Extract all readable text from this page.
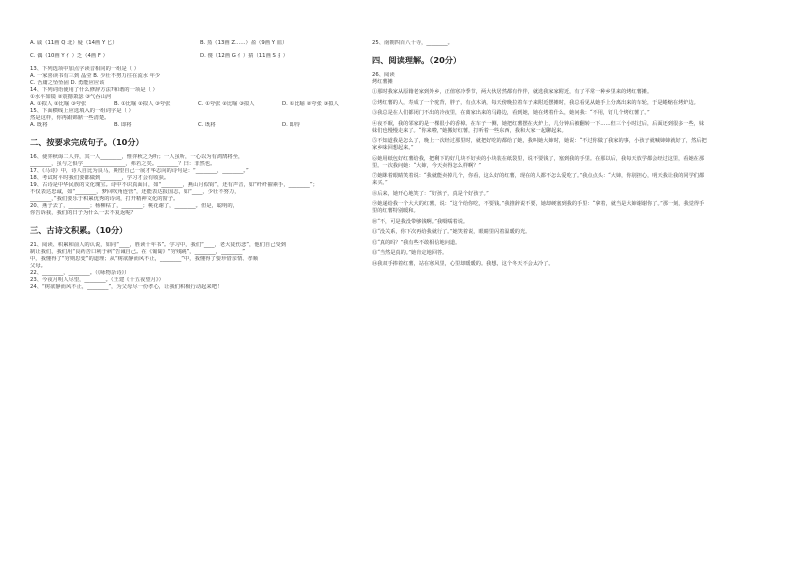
A. 戚（11画 Q 北）疑（14画 Y 匕）	B. 蒸（13画 Z……）盈（9画 Y 皿）
C. 偶（10画 Y 亻）乏（4画 F ）	D. 傻（12画 G 亻）猜（11画 S 犭）
13、下列选项中加点字读音相同的一组是（ ）
A. 一家喜读书有三到 晶莹 B. 少壮不努力往在流水 年少
C. 吾庸之坠坠固 D. 勇能应应该
14、下列词语使用了什么修辞方法?和谐的一项是（ ）
①水平如镜 ②震撼萧瑟 ③气吞山河
A. ①拟人 ②比喻 ③夸张	B. ①比喻 ②拟人 ③夸张	C. ①夸张 ②比喻 ③拟人	D. ①比喻 ②夸张 ③拟人
15、下面横线上应选填入的一组词字是（ ）
然是这样，你再跟锦鼎一些清楚。
A. 既将	B. 即将	C. 既将	D. 即待
二、按要求完成句子。（10分）
16、使弈秋诲二人弈，其一人________，惟弈秋之为听；一人虽听，一心以为有鸿鹄将至，
________，虽与之俱学________________，弗若之矣。________？曰：非然也。
17、《马诗》中，诗人自比为良马，期望自己一展才华志向的诗句是：“________，________。”
18、考试时平时我们要都做到________，学习才会有收获。
19、古诗是中华民族的文化瑰宝。诗中不识真面目，如“________，燕山月似钩”，还有声音，如“纤纤擢素手，________”；
不仅表达忠诚，如“________，梦回吹角连营”，还能表达报国志，如“____，少壮不努力，
________，”我们要乐于积累优秀的诗词，打开精神文化的窗子。
20、燕子去了，________；杨柳枯了，________；桃花谢了，________。但是，聪明的，
你告诉我，我们的日子为什么一去不复返呢？
三、古诗文积累。（10分）
21、阅读、积累和前人的认说，如同“____，胜读十年书”。学习中，我们“____，老大徒伤悲”，他们自己受到
制让我们，我们用“良药苦口利于病”告诫自己。在《匍匐》“穷残跳”，________，________”
中，我懂得了“穷则思变”的道理；从“树欲静而风不止，________”中，我懂得了要珍惜亲情、孝顺
父母。
22、________，________。（《咏物杂诗》）
23、今夜月明人尽望，________。（王建《十五夜望月》）
24、“树欲静而风不止，________”，为父母尽一份孝心，让我们积极行动起来吧！
25、南朝四百八十寺，________。
四、阅读理解。（20分）
26、阅读
烤红薯摊

①那时我家从原籍老家到外乡，正值寒冷季节，两大伙居然都有作伴，就选我家家附近，有了平常一种乡里来的烤红薯摊。

②烤红薯的人，寿成了一个驼背，胖子，有点木讷，每天傍晚拉着车子来附近摆摊时，我总看见从她手上分离出来的车轮，于是蜷缩在烤炉边。

③我总是在人们都闭门不出的冷夜里，在离家出来的马路边，看到她，她在烤着什么，她问我：“不用，钉几个烤红薯了。”

④夜不眠，我的邻家的是一棵很小的香樟。在车子一侧，她把红薯摆在火炉上，几分钟后被翻转一下……但三个小时过后，后面还到很多一些，妹妹们也慢慢走来了。“你来啦，”她搬好红薯，打听着一些东西，我和大家一起聊起来。

⑤不知道我是怎么了，晚上一次经过那里时，就把好吃的都给了她，我叫她大婶时，她说：“不过你做了我家的事，小孩子就喊婶婶就好了，然后把家乡味回想起来。”

⑥她用纸包好红薯给我，把剩下的好几块不好卖的小块装在纸袋里，说不要钱了，塞到我的手里。在那以后，我每天放学都会经过这里，看她在那里。一次我问她：“大婶，今天卖得怎么样啊？”

⑦她眯着眼睛笑着说：“我就能卖掉几个，你看，这么好的红薯，现在的人都不怎么爱吃了。”我点点头：“大婶，你别担心，明天我让我的同学们都来买。”

⑧后来，她开心地笑了：“好孩子，真是个好孩子。”

⑨她递给我一个大大的红薯，说：“这个给你吃，不要钱。”我推辞说不要，她却硬塞到我的手里：“拿着，就当是大婶谢谢你了。”那一刻，我觉得手里的红薯特别暖和。

⑩“不，可是我没带够钱啊。”我嗫嚅着说。

⑪“没关系，你下次再给我就行了。”她笑着说，眼睛里闪着温暖的光。

⑫“真的吗？”我有些不敢相信地问道。

⑬“当然是真的。”她肯定地回答。

⑭我双手捧着红薯，站在寒风里，心里却暖暖的。我想，这个冬天不会太冷了。
